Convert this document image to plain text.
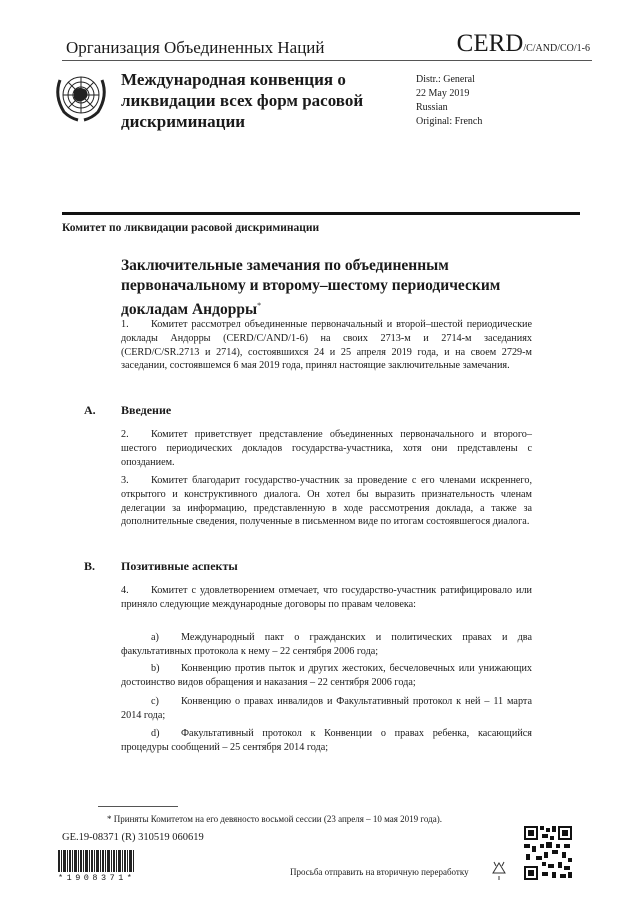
Организация Объединенных Наций	CERD/C/AND/CO/1-6
Международная конвенция о ликвидации всех форм расовой дискриминации
Distr.: General
22 May 2019
Russian
Original: French
Комитет по ликвидации расовой дискриминации
Заключительные замечания по объединенным первоначальному и второму–шестому периодическим докладам Андорры*
1. Комитет рассмотрел объединенные первоначальный и второй–шестой периодические доклады Андорры (CERD/C/AND/1-6) на своих 2713-м и 2714-м заседаниях (CERD/C/SR.2713 и 2714), состоявшихся 24 и 25 апреля 2019 года, и на своем 2729-м заседании, состоявшемся 6 мая 2019 года, принял настоящие заключительные замечания.
A. Введение
2. Комитет приветствует представление объединенных первоначального и второго–шестого периодических докладов государства-участника, хотя они представлены с опозданием.
3. Комитет благодарит государство-участник за проведение с его членами искреннего, открытого и конструктивного диалога. Он хотел бы выразить признательность членам делегации за информацию, представленную в ходе рассмотрения доклада, а также за дополнительные сведения, полученные в письменном виде по итогам состоявшегося диалога.
B. Позитивные аспекты
4. Комитет с удовлетворением отмечает, что государство-участник ратифицировало или приняло следующие международные договоры по правам человека:
a) Международный пакт о гражданских и политических правах и два факультативных протокола к нему – 22 сентября 2006 года;
b) Конвенцию против пыток и других жестоких, бесчеловечных или унижающих достоинство видов обращения и наказания – 22 сентября 2006 года;
c) Конвенцию о правах инвалидов и Факультативный протокол к ней – 11 марта 2014 года;
d) Факультативный протокол к Конвенции о правах ребенка, касающийся процедуры сообщений – 25 сентября 2014 года;
* Приняты Комитетом на его девяносто восьмой сессии (23 апреля – 10 мая 2019 года).
GE.19-08371 (R) 310519 060619
*1908371*
Просьба отправить на вторичную переработку
